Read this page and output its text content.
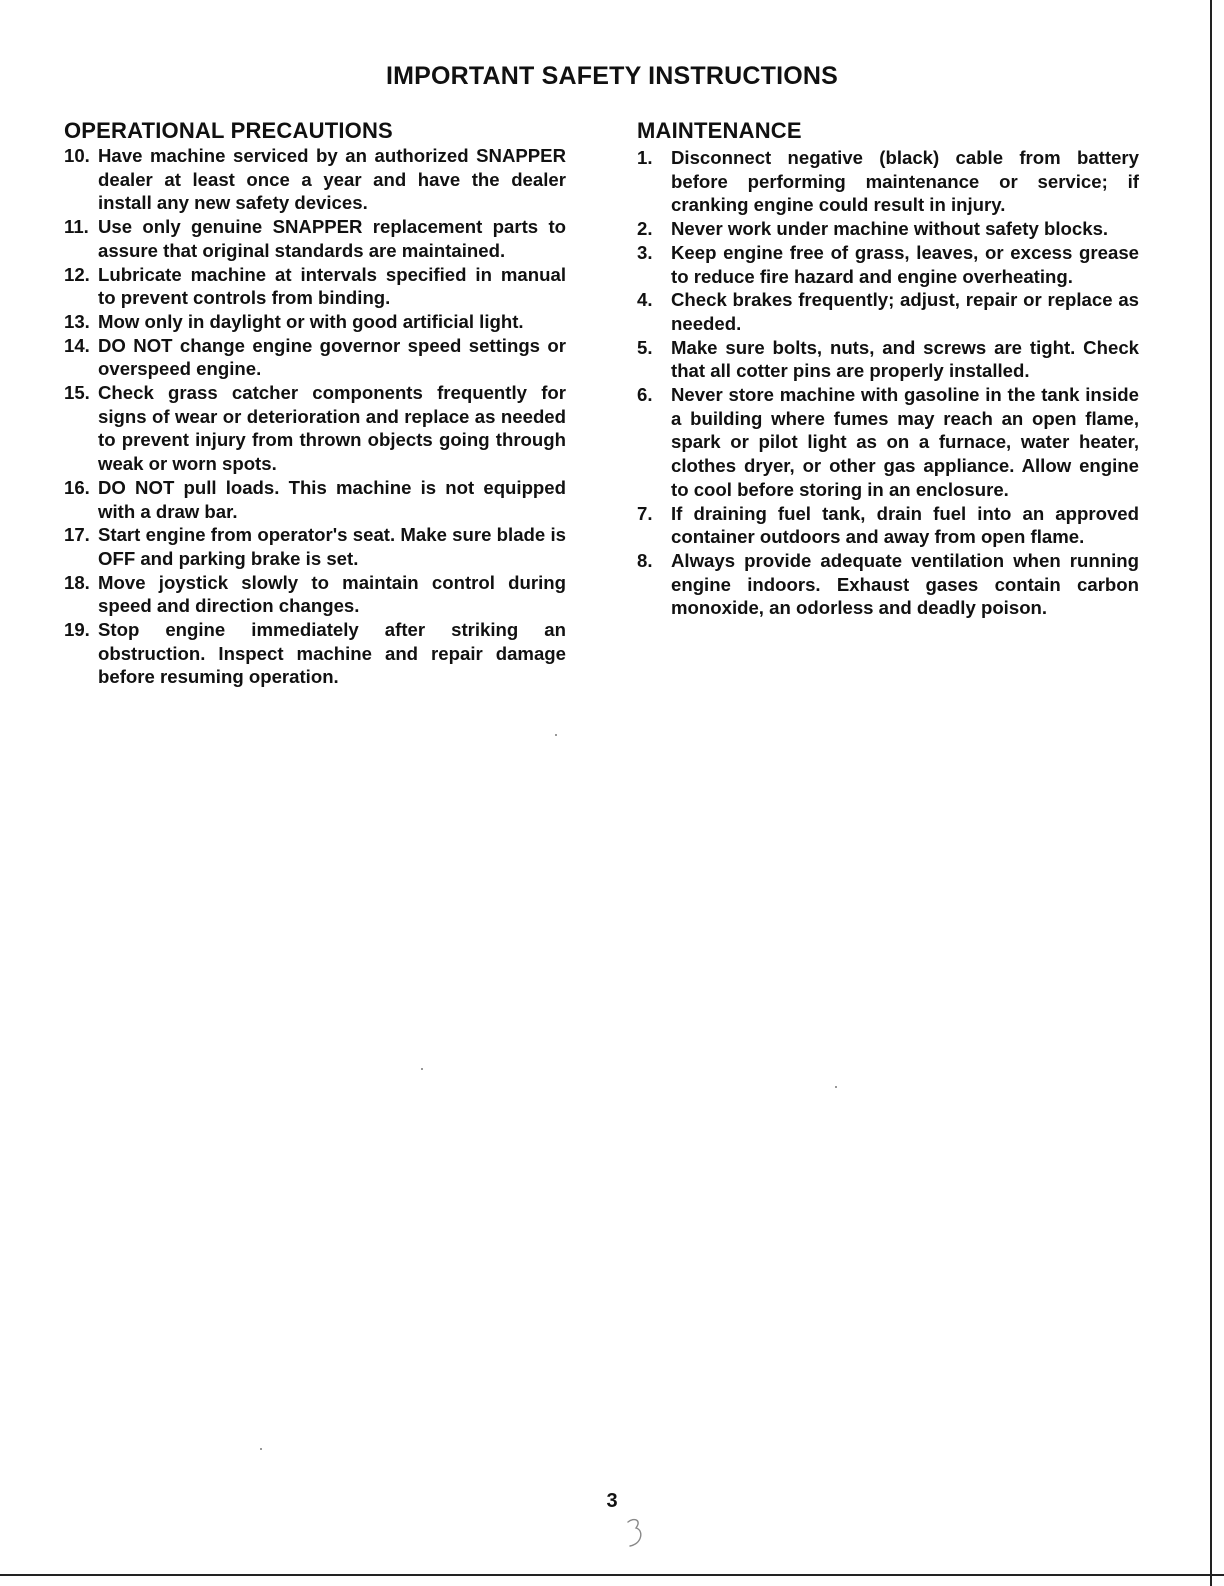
IMPORTANT SAFETY INSTRUCTIONS
OPERATIONAL PRECAUTIONS
10. Have machine serviced by an authorized SNAPPER dealer at least once a year and have the dealer install any new safety devices.
11. Use only genuine SNAPPER replacement parts to assure that original standards are maintained.
12. Lubricate machine at intervals specified in manual to prevent controls from binding.
13. Mow only in daylight or with good artificial light.
14. DO NOT change engine governor speed settings or overspeed engine.
15. Check grass catcher components frequently for signs of wear or deterioration and replace as needed to prevent injury from thrown objects going through weak or worn spots.
16. DO NOT pull loads. This machine is not equipped with a draw bar.
17. Start engine from operator's seat. Make sure blade is OFF and parking brake is set.
18. Move joystick slowly to maintain control during speed and direction changes.
19. Stop engine immediately after striking an obstruction. Inspect machine and repair damage before resuming operation.
MAINTENANCE
1. Disconnect negative (black) cable from battery before performing maintenance or service; if cranking engine could result in injury.
2. Never work under machine without safety blocks.
3. Keep engine free of grass, leaves, or excess grease to reduce fire hazard and engine overheating.
4. Check brakes frequently; adjust, repair or replace as needed.
5. Make sure bolts, nuts, and screws are tight. Check that all cotter pins are properly installed.
6. Never store machine with gasoline in the tank inside a building where fumes may reach an open flame, spark or pilot light as on a furnace, water heater, clothes dryer, or other gas appliance. Allow engine to cool before storing in an enclosure.
7. If draining fuel tank, drain fuel into an approved container outdoors and away from open flame.
8. Always provide adequate ventilation when running engine indoors. Exhaust gases contain carbon monoxide, an odorless and deadly poison.
3
